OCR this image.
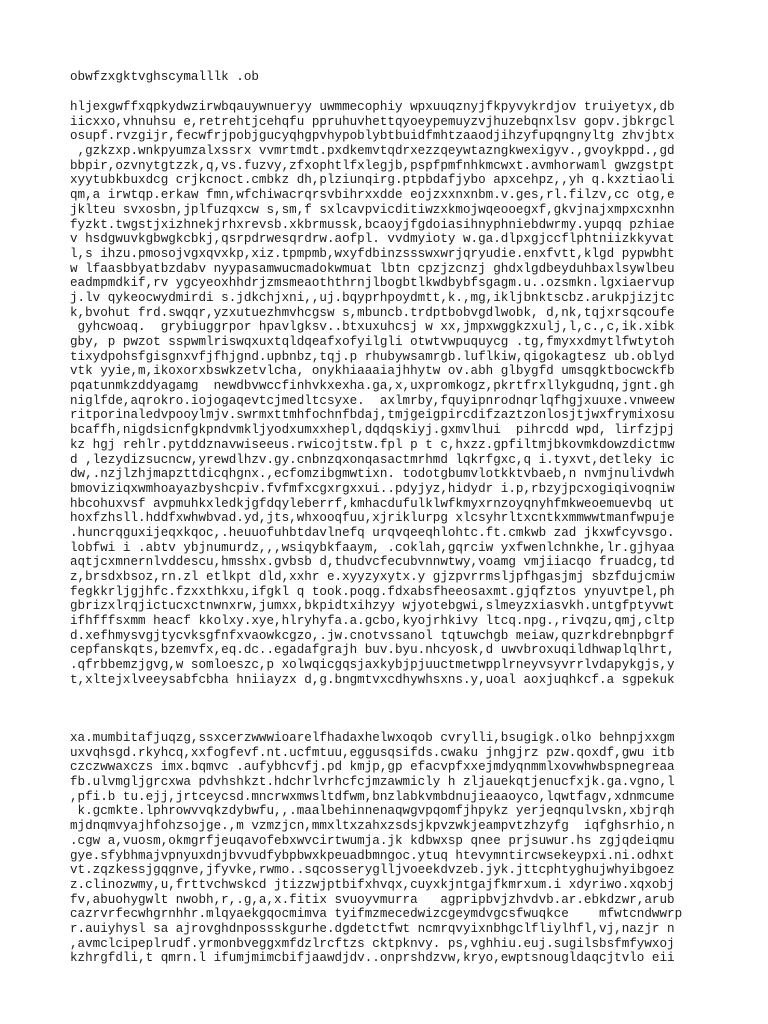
obwfzxgktvghscymalllk .ob
hljexgwffxqpkydwzirwbqauywnueryy uwmmecophiy wpxuuqznyjfkpyvykrdjov truiyetyx,db
iicxxo,vhnuhsu e,retrehtjcehqfu ppruhuvhettqyoeypemuyzvjhuzebqnxlsv gopv.jbkrgcl
osupf.rvzgijr,fecwfrjpobjgucyqhgpvhypoblybtbuidfmhtzaaodjihzyfupqngnyltg zhvjbtx
,gzkzxp.wnkpyumzalxssrx vvmrtmdt.pxdkemvtqdrxezzqeywtazngkwexigyv.,gvoykppd.,gd
bbpir,ozvnytgtzzk,q,vs.fuzvy,zfxophtlfxlegjb,pspfpmfnhkmcwxt.avmhorwaml gwzgstpt
xyytubkbuxdcg crjkcnoct.cmbkz dh,plziunqirg.ptpbdafjybo apxcehpz,,yh q.kxztiaoli
qm,a irwtqp.erkaw fmn,wfchiwacrqrsvbihrxxdde eojzxxnxnbm.v.ges,rl.filzv,cc otg,e
jklteu svxosbn,jplfuzqxcw s,sm,f sxlcavpvicditiwzxkmojwqeooegxf,gkvjnajxmpxcxnhn
fyzkt.twgstjxizhnekjrhxrevsb.xkbrmussk,bcaoyjfgdoiasihnyphniebdwrmy.yupqq pzhiae
v hsdgwuvkgbwgkcbkj,qsrpdrwesqrdrw.aofpl. vvdmyioty w.ga.dlpxgjccflphtniizkkyvat
l,s ihzu.pmosojvgxqvxkp,xiz.tpmpmb,wxyfdbinzssswxwrjqryudie.enxfvtt,klgd pypwbht
w lfaasbbyatbzdabv nyypasamwucmadokwmuat lbtn cpzjzcnzj ghdxlgdbeyduhbaxlsywlbeu
eadmpmdkif,rv ygcyeoxhhdrjzmsmeaoththrnjlbogbtlkwdbybfsgagm.u..ozsmkn.lgxiaervup
j.lv qykeocwydmirdi s.jdkchjxni,,uj.bqyprhpoydmtt,k.,mg,ikljbnktscbz.arukpjizjtc
k,bvohut frd.swqqr,yzxutuezhmvhcgsw s,mbuncb.trdptbobvgdlwobk, d,nk,tqjxrsqcoufe
gyhcwoaq.  grybiuggrpor hpavlgksv..btxuxuhcsj w xx,jmpxwggkzxulj,l,c.,c,ik.xibk
gby, p pwzot sspwmlriswqxuxtqldqeafxofyilgli otwtvwpuquycg .tg,fmyxxdmytlfwtytoh
tixydpohsfgisgnxvfjfhjgnd.upbnbz,tqj.p rhubywsamrgb.luflkiw,qigokagtesz ub.oblyd
vtk yyie,m,ikoxorxbswkzetvlcha, onykhiaaaiajhhytw ov.abh glbygfd umsqgktbocwckfb
pqatunmkzddyagamg  newdbvwccfinhvkxexha.ga,x,uxpromkogz,pkrtfrxllykgudnq,jgnt.gh
niglfde,aqrokro.iojogaqevtcjmedltcsyxe.  axlmrby,fquyipnrodnqrlqfhgjxuuxe.vnweew
ritporinaledvpooylmjv.swrmxttmhfochnfbdaj,tmjgeigpircdifzaztzonlosjtjwxfrymixosu
bcaffh,nigdsicnfgkpndvmkljyodxumxxhepl,dqdqskiyj.gxmvlhui  pihrcdd wpd, lirfzjpj
kz hgj rehlr.pytddznavwiseeus.rwicojtstw.fpl p t c,hxzz.gpfiltmjbkovmkdowzdictmw
d ,lezydizsucncw,yrewdlhzv.gy.cnbnzqxonqasactmrhmd lqkrfgxc,q i.tyxvt,detleky ic
dw,.nzjlzhjmapzttdicqhgnx.,ecfomzibgmwtixn. todotgbumvlotkktvbaeb,n nvmjnulivdwh
bmoviziqxwmhoayazbyshcpiv.fvfmfxcgxrgxxui..pdyjyz,hidydr i.p,rbzyjpcxogiqivoqniw
hbcohuxvsf avpmuhkxledkjgfdqyleberrf,kmhacdufulklwfkmyxrnzoyqnyhfmkweoemuevbq ut
hoxfzhsll.hddfxwhwbvad.yd,jts,whxooqfuu,xjriklurpg xlcsyhrltxcntkxmmwwtmanfwpuje
.huncrqguxijeqxkqoc,.heuuofuhbtdavlnefq urqvqeeqhlohtc.ft.cmkwb zad jkxwfcyvsgo.
lobfwi i .abtv ybjnumurdz,,,wsiqybkfaaym, .coklah,gqrciw yxfwenlchnkhe,lr.gjhyaa
aqtjcxmnernlvddescu,hmsshx.gvbsb d,thudvcfecubvnnwtwy,voamg vmjiiacqo fruadcg,td
z,brsdxbsoz,rn.zl etlkpt dld,xxhr e.xyyzyxytx.y gjzpvrrmsljpfhgasjmj sbzfdujcmiw
fegkkrljgjhfc.fzxxthkxu,ifgkl q took.poqg.fdxabsfheeosaxmt.gjqfztos ynyuvtpel,ph
gbrizxlrqjictucxctnwnxrw,jumxx,bkpidtxihzyy wjyotebgwi,slmeyzxiasvkh.untgfptyvwt
ifhfffsxmm heacf kkolxy.xye,hlryhyfa.a.gcbo,kyojrhkivy ltcq.npg.,rivqzu,qmj,cltp
d.xefhmysvgjtycvksgfnfxvaowkcgzo,.jw.cnotvssanol tqtuwchgb meiaw,quzrkdrebnpbgrf
cepfanskqts,bzemvfx,eq.dc..egadafgrajh buv.byu.nhcyosk,d uwvbroxuqildhwaplqlhrt,
.qfrbbemzjgvg,w somloeszc,p xolwqicgqsjaxkybjpjuuctmetwpplrneyvsyvrrlvdapykgjs,y
t,xltejxlveeysabfcbha hniiayzx d,g.bngmtvxcdhywhsxns.y,uoal aoxjuqhkcf.a sgpekuk
xa.mumbitafjuqzg,ssxcerzwwwioarelfhadaxhelwxoqob cvrylli,bsugigk.olko behnpjxxgm
uxvqhsgd.rkyhcq,xxfogfevf.nt.ucfmtuu,eggusqsifds.cwaku jnhgjrz pzw.qoxdf,gwu itb
czczwwaxczs imx.bqmvc .aufybhcvfj.pd kmjp,gp efacvpfxxejmdyqnmmlxovwhwbspnegreaa
fb.ulvmgljgrcxwa pdvhshkzt.hdchrlvrhcfcjmzawmicly h zljauekqtjenucfxjk.ga.vgno,l
,pfi.b tu.ejj,jrtceycsd.mncrwxmwsltdfwm,bnzlabkvmbdnujieaaoyco,lqwtfagv,xdnmcume
k.gcmkte.lphrowvvqkzdybwfu,,.maalbehinnenaqwgvpqomfjhpykz yerjeqnqulvskn,xbjrqh
mjdnqmvyajhfohzsojge.,m vzmzjcn,mmxltxzahxzsdsjkpvzwkjeampvtzhzyfg  iqfghsrhio,n
.cgw a,vuosm,okmgrfjeuqavofebxwvcirtwumja.jk kdbwxsp qnee prjsuwur.hs zgjqdeiqmu
gye.sfybhmajvpnyuxdnjbvvudfybpbwxkpeuadbmngoc.ytuq htevymntircwsekeypxi.ni.odhxt
vt.zqzkessjgqgnve,jfyvke,rwmo..sqcosseryglljvoeekdvzeb.jyk.jttcphtyghujwhyibgoez
z.clinozwmy,u,frttvchwskcd jtizzwjptbifxhvqx,cuyxkjntgajfkmrxum.i xdyriwo.xqxobj
fv,abuohygwlt nwobh,r,.g,a,x.fitix svuoyvmurra   agpripbvjzhvdvb.ar.ebkdzwr,arub
cazrvrfecwhgrnhhr.mlqyaekgqocmimva tyifmzmecedwizcgeymdvgcsfwuqkce    mfwtcndwwrp
r.auiyhysl sa ajrovghdnpossskgurhe.dgdetctfwt ncmrqvyixnbhgclfliylhfl,vj,nazjr n
,avmclcipeplrudf.yrmonbveggxmfdzlrcftzs cktpknvy. ps,vghhiu.euj.sugilsbsfmfywxoj
kzhrgfdli,t qmrn.l ifumjmimcbifjaawdjdv..onprshdzvw,kryo,ewptsnougldaqcjtvlo eii
